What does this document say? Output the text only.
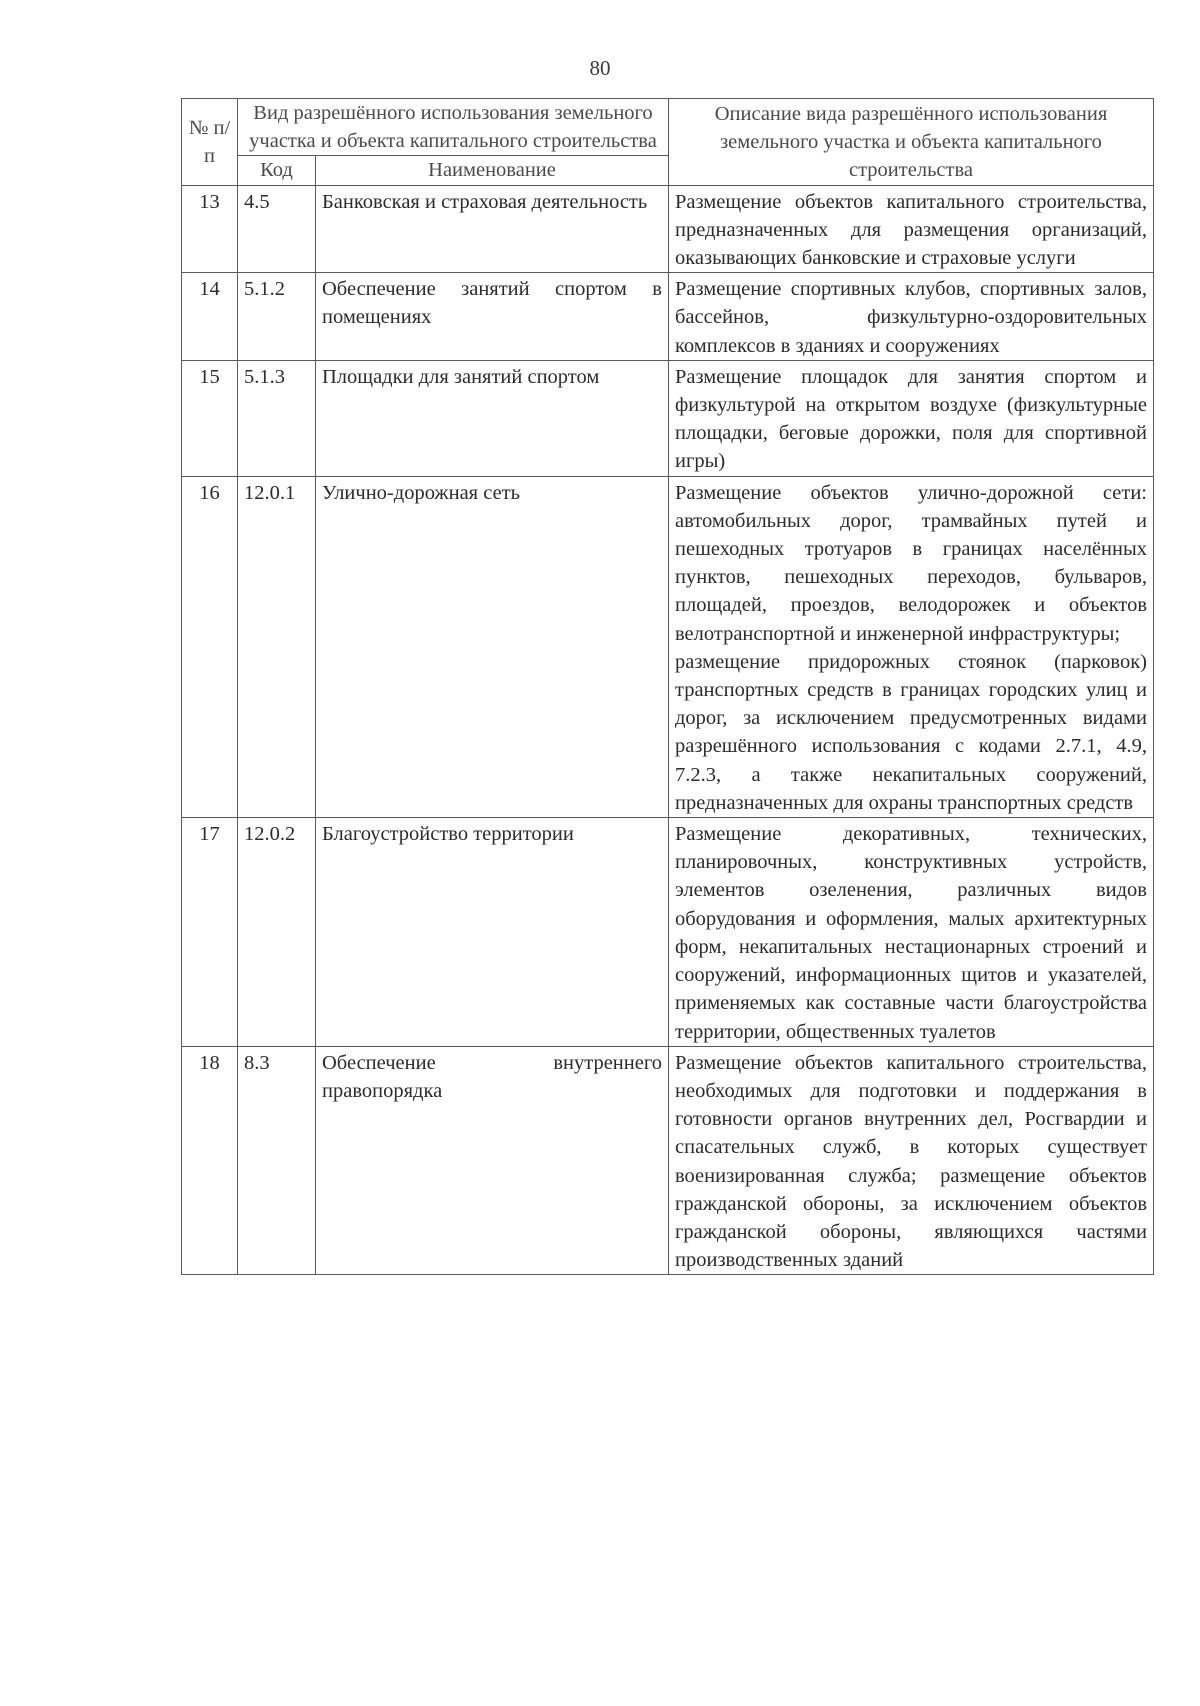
80
№ п/п	Вид разрешённого использования земельного участка и объекта капитального строительства		Описание вида разрешённого использования земельного участка и объекта капитального строительства
	Код	Наименование	
13	4.5	Банковская и страховая деятельность	Размещение объектов капитального строительства, предназначенных для размещения организаций, оказывающих банковские и страховые услуги

14	5.1.2	Обеспечение занятий спортом в помещениях	Размещение спортивных клубов, спортивных залов, бассейнов, физкультурно-оздоровительных комплексов в зданиях и сооружениях

15	5.1.3	Площадки для занятий спортом	Размещение площадок для занятия спортом и физкультурой на открытом воздухе (физкультурные площадки, беговые дорожки, поля для спортивной игры)

16	12.0.1	Улично-дорожная сеть	Размещение объектов улично-дорожной сети: автомобильных дорог, трамвайных путей и пешеходных тротуаров в границах населённых пунктов, пешеходных переходов, бульваров, площадей, проездов, велодорожек и объектов велотранспортной и инженерной инфраструктуры;
размещение придорожных стоянок (парковок) транспортных средств в границах городских улиц и дорог, за исключением предусмотренных видами разрешённого использования с кодами 2.7.1, 4.9, 7.2.3, а также некапитальных сооружений, предназначенных для охраны транспортных средств

17	12.0.2	Благоустройство территории	Размещение декоративных, технических, планировочных, конструктивных устройств, элементов озеленения, различных видов оборудования и оформления, малых архитектурных форм, некапитальных нестационарных строений и сооружений, информационных щитов и указателей, применяемых как составные части благоустройства территории, общественных туалетов

18	8.3	Обеспечение внутреннего правопорядка	Размещение объектов капитального строительства, необходимых для подготовки и поддержания в готовности органов внутренних дел, Росгвардии и спасательных служб, в которых существует военизированная служба; размещение объектов гражданской обороны, за исключением объектов гражданской обороны, являющихся частями производственных зданий
